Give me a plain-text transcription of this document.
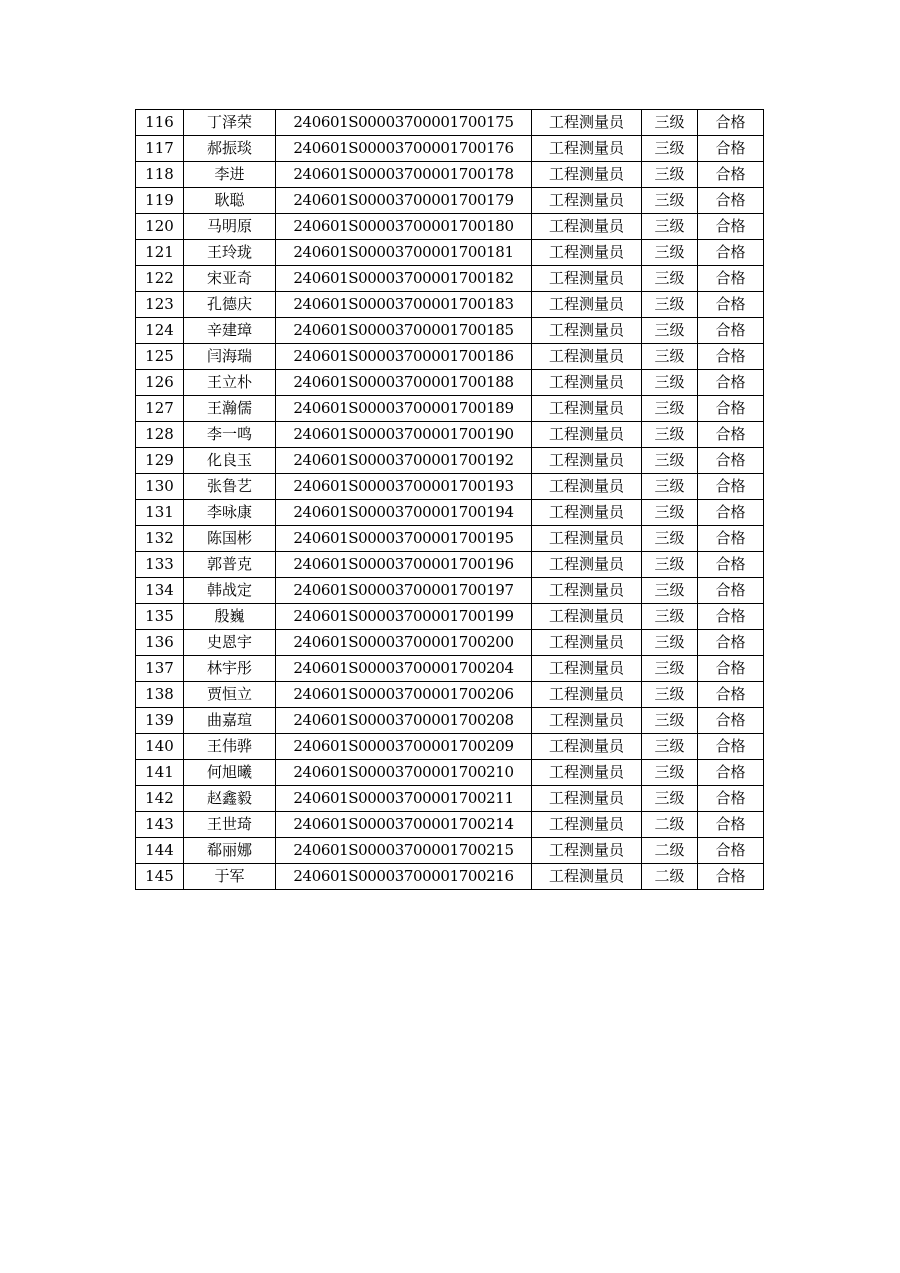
116	丁泽荣	240601S00003700001700175	工程测量员	三级	合格
117	郝振琰	240601S00003700001700176	工程测量员	三级	合格
118	李进	240601S00003700001700178	工程测量员	三级	合格
119	耿聪	240601S00003700001700179	工程测量员	三级	合格
120	马明原	240601S00003700001700180	工程测量员	三级	合格
121	王玲珑	240601S00003700001700181	工程测量员	三级	合格
122	宋亚奇	240601S00003700001700182	工程测量员	三级	合格
123	孔德庆	240601S00003700001700183	工程测量员	三级	合格
124	辛建璋	240601S00003700001700185	工程测量员	三级	合格
125	闫海瑞	240601S00003700001700186	工程测量员	三级	合格
126	王立朴	240601S00003700001700188	工程测量员	三级	合格
127	王瀚儒	240601S00003700001700189	工程测量员	三级	合格
128	李一鸣	240601S00003700001700190	工程测量员	三级	合格
129	化良玉	240601S00003700001700192	工程测量员	三级	合格
130	张鲁艺	240601S00003700001700193	工程测量员	三级	合格
131	李咏康	240601S00003700001700194	工程测量员	三级	合格
132	陈国彬	240601S00003700001700195	工程测量员	三级	合格
133	郭普克	240601S00003700001700196	工程测量员	三级	合格
134	韩战定	240601S00003700001700197	工程测量员	三级	合格
135	殷巍	240601S00003700001700199	工程测量员	三级	合格
136	史恩宇	240601S00003700001700200	工程测量员	三级	合格
137	林宇彤	240601S00003700001700204	工程测量员	三级	合格
138	贾恒立	240601S00003700001700206	工程测量员	三级	合格
139	曲嘉瑄	240601S00003700001700208	工程测量员	三级	合格
140	王伟骅	240601S00003700001700209	工程测量员	三级	合格
141	何旭曦	240601S00003700001700210	工程测量员	三级	合格
142	赵鑫毅	240601S00003700001700211	工程测量员	三级	合格
143	王世琦	240601S00003700001700214	工程测量员	二级	合格
144	郗丽娜	240601S00003700001700215	工程测量员	二级	合格
145	于军	240601S00003700001700216	工程测量员	二级	合格
